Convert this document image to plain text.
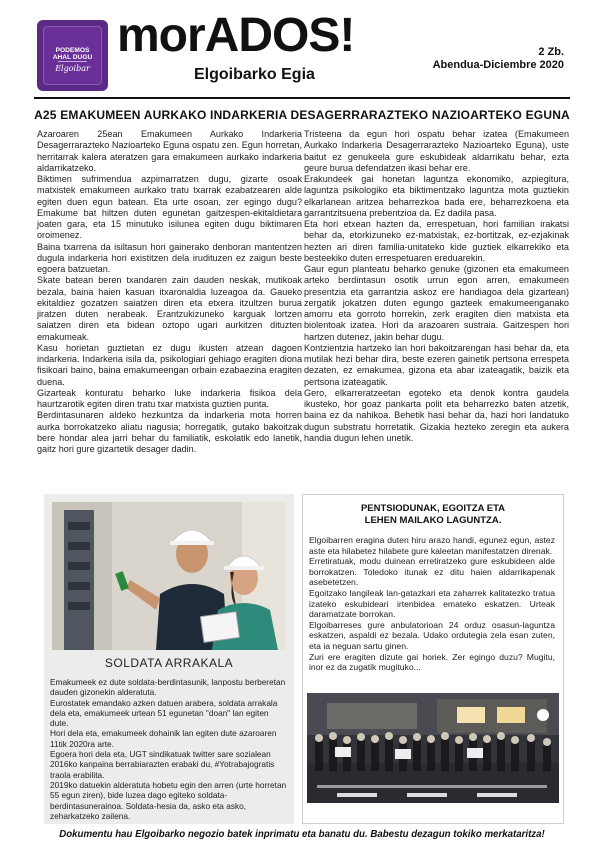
PODEMOS
AHAL DUGU
Elgoibar
morADOS!
Elgoibarko Egia
2 Zb.
Abendua-Diciembre 2020
A25 EMAKUMEEN AURKAKO INDARKERIA DESAGERRARAZTEKO NAZIOARTEKO EGUNA

Azaroaren 25ean Emakumeen Aurkako Indarkeria Desagerrarazteko Nazioarteko Eguna ospatu zen. Egun horretan, herritarrak kalera ateratzen gara emakumeen aurkako indarkeria aldarrikatzeko.

Biktimen sufrimendua azpimarratzen dugu, gizarte osoak matxistek emakumeen aurkako tratu txarrak ezabatzearen alde egiten duen egun batean. Eta urte osoan, zer egingo dugu? Emakume bat hiltzen duten egunetan gaitzespen-ekitaldietara joaten gara, eta 15 minutuko isilunea egiten dugu biktimaren oroimenez.

Baina txarrena da isiltasun hori gainerako denboran mantentzen dugula indarkeria hori existitzen dela irudituzen ez zaigun beste egoera batzuetan.

Skate batean beren txandaren zain dauden neskak, mutikoak bezala, baina haien kasuan itxaronaldia luzeagoa da. Gaueko ekitaldiez gozatzen saiatzen diren eta etxera itzultzen burua jiratzen duten nerabeak. Erantzukizuneko karguak lortzen saiatzen diren eta bidean oztopo ugari aurkitzen dituzten emakumeak.

Kasu horietan guztietan ez dugu ikusten atzean dagoen indarkeria. Indarkeria isila da, psikologiari gehiago eragiten diona fisikoari baino, baina emakumeengan orbain ezabaezina eragiten duena.

Gizarteak konturatu beharko luke indarkeria fisikoa dela haurtzarotik egiten diren tratu txar matxista guztien punta.

Berdintasunaren aldeko hezkuntza da indarkeria mota horren aurka borrokatzeko aliatu nagusia; horregatik, gutako bakoitzak bere hondar alea jarri behar du familiatik, eskolatik edo lanetik, gaitz hori gure gizartetik desager dadin.

Tristeena da egun hori ospatu behar izatea (Emakumeen Aurkako Indarkeria Desagerrarazteko Nazioarteko Eguna), uste baitut ez genukeela gure eskubideak aldarrikatu behar, ezta geure burua defendatzen ikasi behar ere.

Erakundeek gai honetan laguntza ekonomiko, azpiegitura, laguntza psikologiko eta biktimentzako laguntza mota guztiekin elkarlanean aritzea beharrezkoa bada ere, beharrezkoena eta garrantzitsuena prebentzioa da. Ez dadila pasa.

Eta hori etxean hazten da, errespetuan, hori familian irakatsi behar da, etorkizuneko ez-matxistak, ez-bortitzak, ez-ezjakinak hezten ari diren familia-unitateko kide guztiek elkarrekiko eta besteekiko duten errespetuaren ereduarekin.

Gaur egun planteatu beharko genuke (gizonen eta emakumeen arteko berdintasun osotik urrun egon arren, emakumeen presentzia eta garrantzia askoz ere handiagoa dela gizartean) zergatik jokatzen duten egungo gazteek emakumeenganako amorru eta gorroto horrekin, zerk eragiten dien matxista eta biolentoak izatea. Hori da arazoaren sustraia. Gaitzespen hori hartzen dutenez, jakin behar dugu.

Kontzientzia hartzeko lan hori bakoitzarengan hasi behar da, eta mutilak hezi behar dira, beste ezeren gainetik pertsona errespeta dezaten, ez emakumea, gizona eta abar izateagatik, baizik eta pertsona izateagatik.

Gero, elkarreratzeetan egoteko eta denok kontra gaudela ikusteko, hor goaz pankarta polit eta beharrezko baten atzetik, baina ez da nahikoa. Behetik hasi behar da, hazi hori landatuko dugun substratu horretatik. Gizakia hezteko zeregin eta aukera handia dugun lehen unetik.

SOLDATA ARRAKALA

Emakumeek ez dute soldata-berdintasunik, lanpostu berberetan dauden gizonekin alderatuta.

Eurostatek emandako azken datuen arabera, soldata arrakala dela eta, emakumeek urtean 51 egunetan "doan" lan egiten dute.

Hori dela eta, emakumeek dohainik lan egiten dute azaroaren 11tik 2020ra arte.

Egoera hori dela eta, UGT sindikatuak twitter sare sozialean 2016ko kanpaina berrabiarazten erabaki du, #Yotrabajogratis traola erabilita.

2019ko datuekin alderatuta hobetu egin den arren (urte horretan 55 egun ziren), bide luzea dago egiteko soldata-berdintasunerainoa. Soldata-hesia da, asko eta asko, zeharkatzeko zailena.

PENTSIODUNAK, EGOITZA ETA
LEHEN MAILAKO LAGUNTZA.

Elgoibarren eragina duten hiru arazo handi, egunez egun, astez aste eta hilabetez hilabete gure kaleetan manifestatzen direnak.

Erretiratuak, modu duinean erretiratzeko gure eskubideen alde borrokatzen. Toledoko itunak ez ditu haien aldarrikapenak asebetetzen.

Egoitzako langileak lan-gatazkari eta zaharrek kalitatezko tratua izateko eskubideari irtenbidea emateko eskatzen. Urteak daramatzate borrokan.

Elgoibarreses gure anbulatorioan 24 orduz osasun-laguntza eskatzen, aspaldi ez bezala. Udako ordutegia zela esan zuten, eta ia neguan sartu ginen.

Zuri ere eragiten dizute gai horiek. Zer egingo duzu? Mugitu, inor ez da zugatik mugituko...

Dokumentu hau Elgoibarko negozio batek inprimatu eta banatu du. Babestu dezagun tokiko merkataritza!
